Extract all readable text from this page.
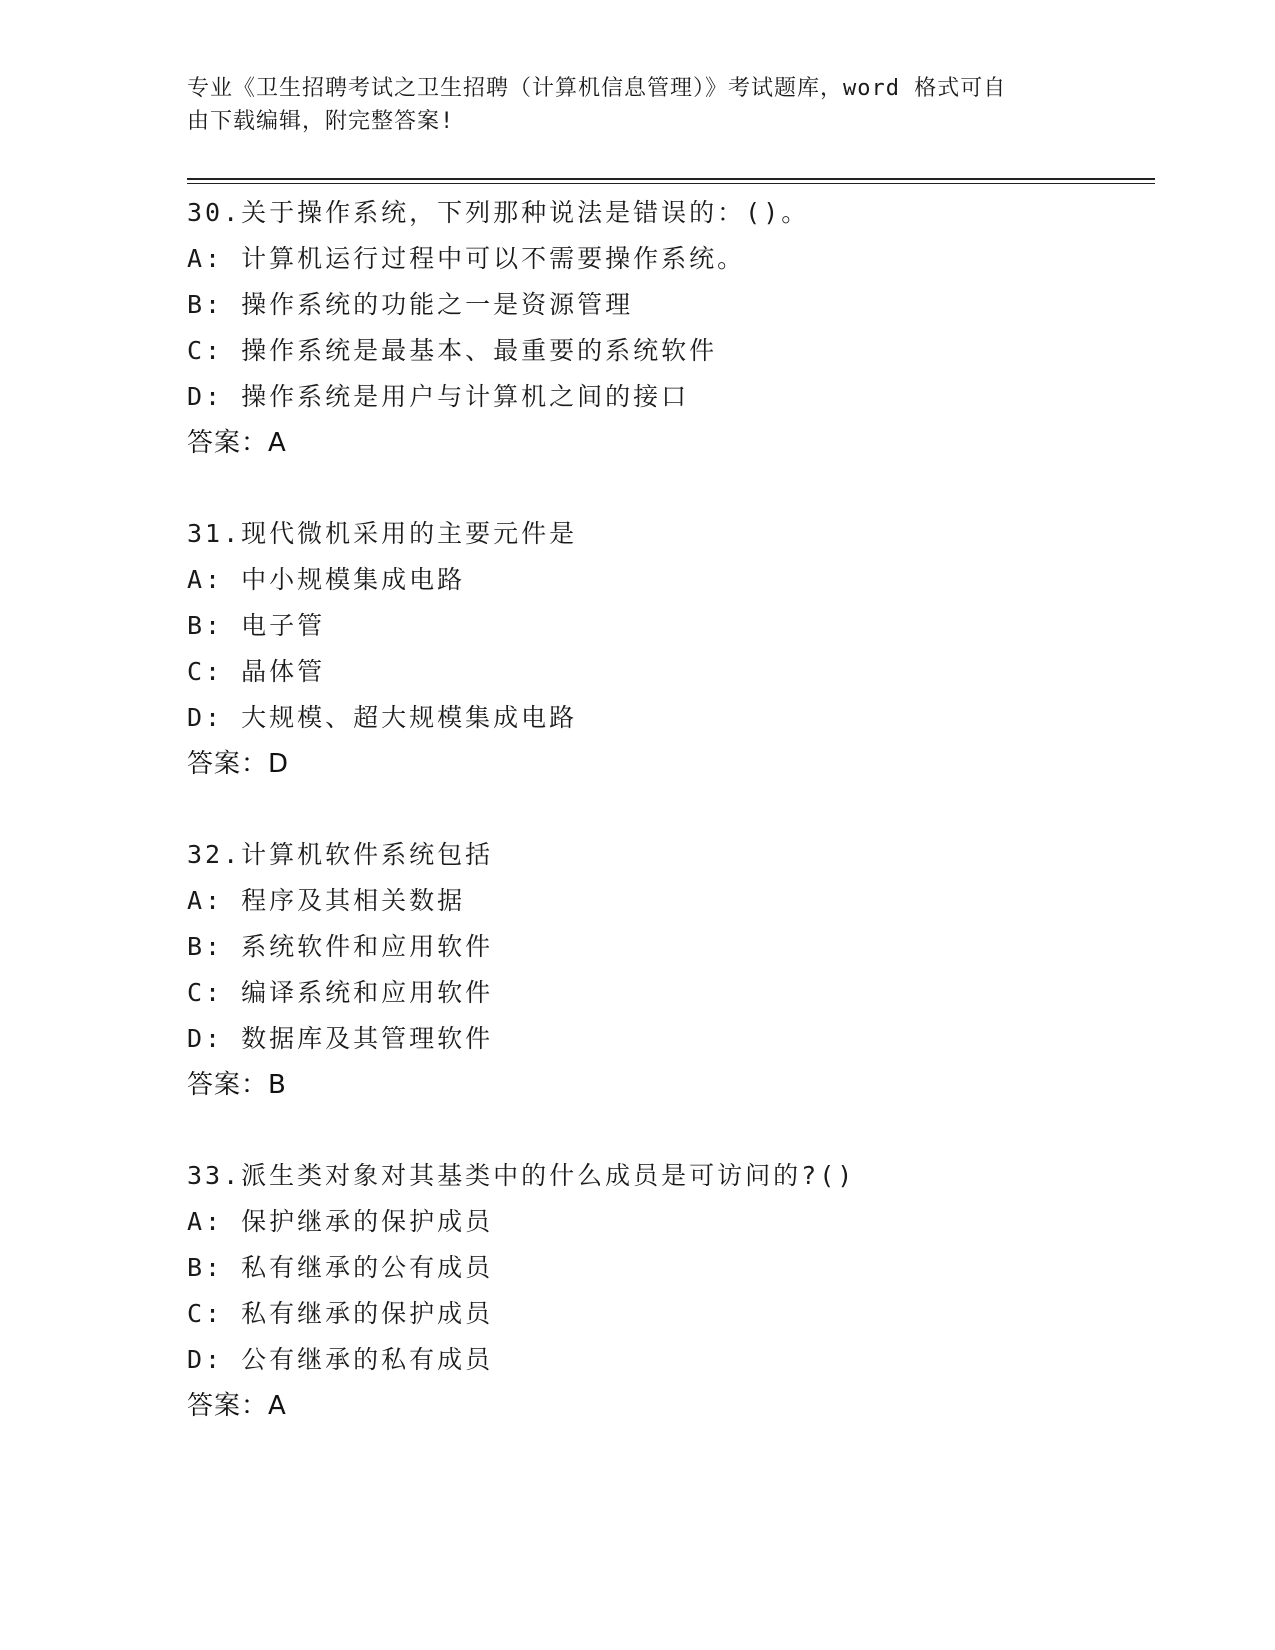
专业《卫生招聘考试之卫生招聘（计算机信息管理）》考试题库，word 格式可自
由下载编辑，附完整答案!
30.关于操作系统，下列那种说法是错误的：()。
A: 计算机运行过程中可以不需要操作系统。
B: 操作系统的功能之一是资源管理
C: 操作系统是最基本、最重要的系统软件
D: 操作系统是用户与计算机之间的接口
答案：A
31.现代微机采用的主要元件是
A: 中小规模集成电路
B: 电子管
C: 晶体管
D: 大规模、超大规模集成电路
答案：D
32.计算机软件系统包括
A: 程序及其相关数据
B: 系统软件和应用软件
C: 编译系统和应用软件
D: 数据库及其管理软件
答案：B
33.派生类对象对其基类中的什么成员是可访问的?()
A: 保护继承的保护成员
B: 私有继承的公有成员
C: 私有继承的保护成员
D: 公有继承的私有成员
答案：A
